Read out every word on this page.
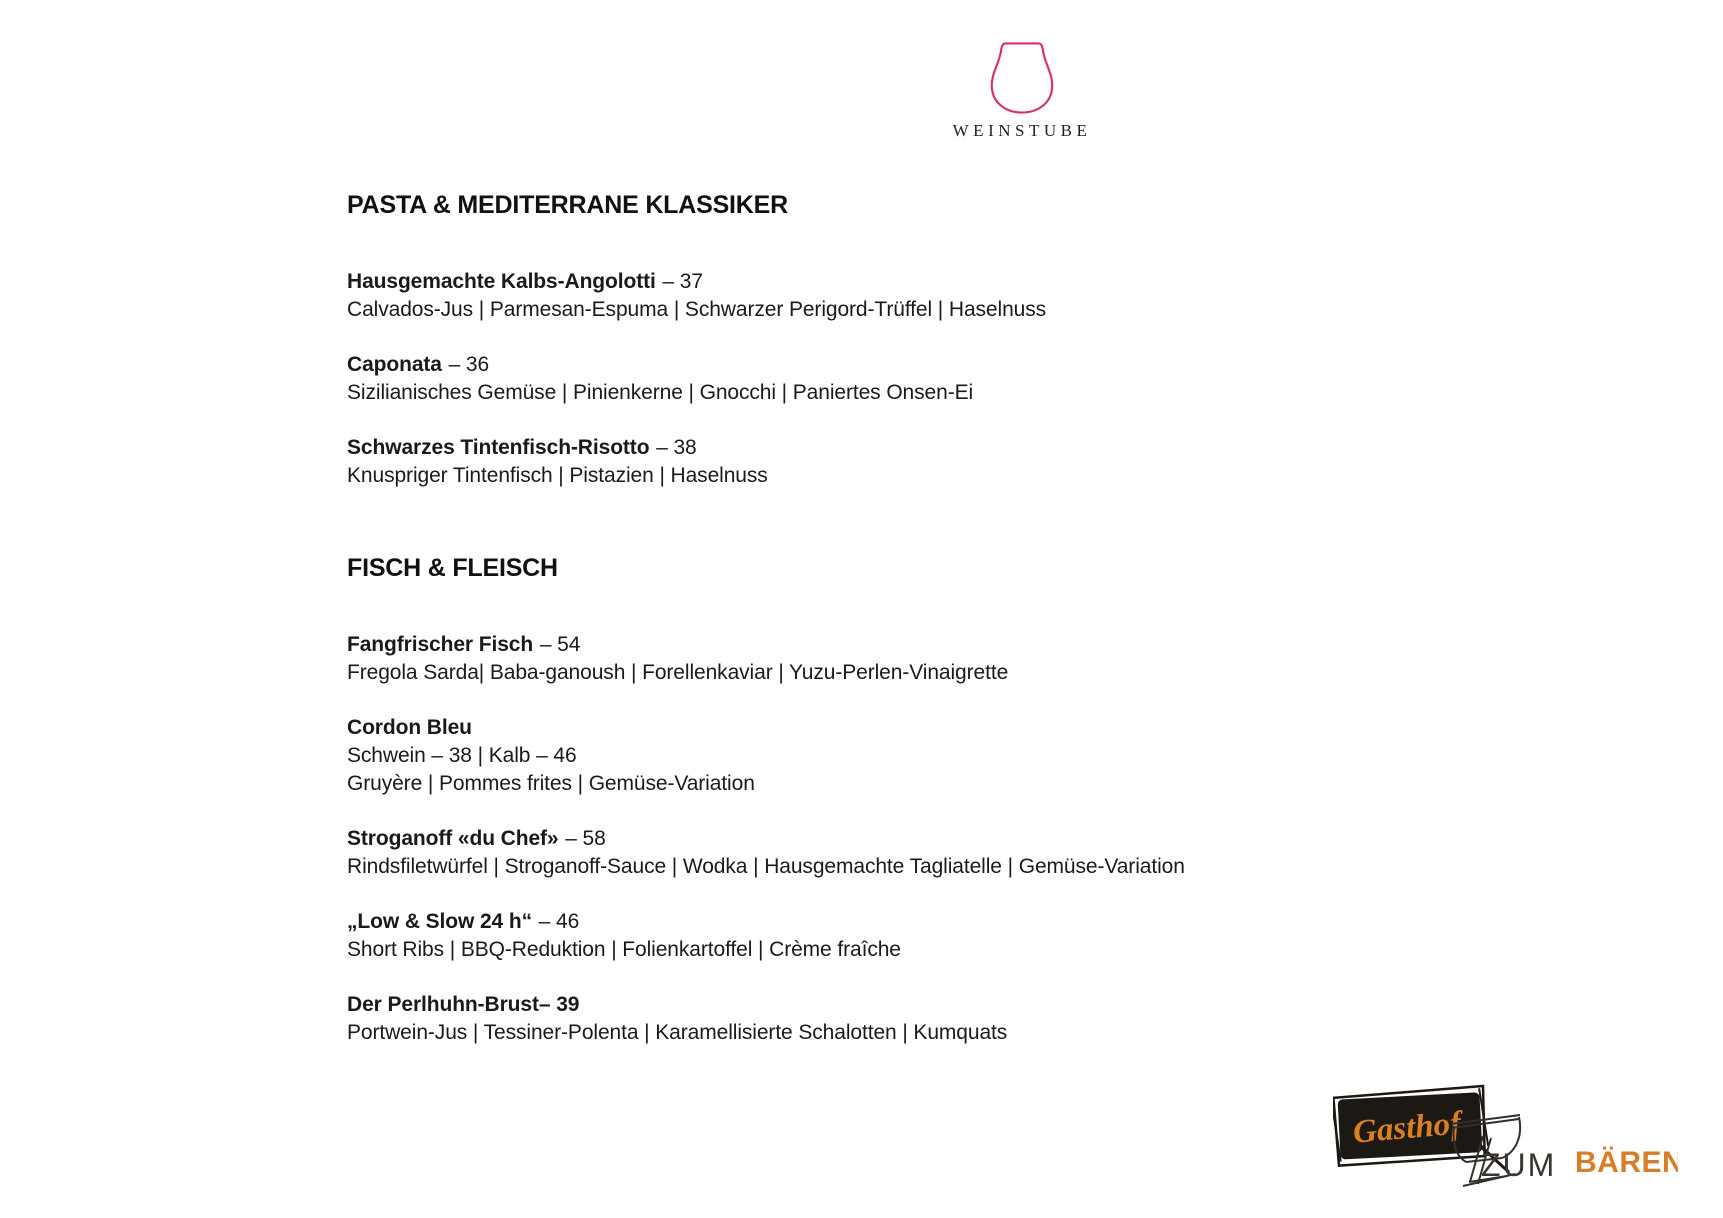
WEINSTUBE
PASTA & MEDITERRANE KLASSIKER

Hausgemachte Kalbs-Angolotti – 37

Calvados-Jus | Parmesan-Espuma | Schwarzer Perigord-Trüffel | Haselnuss

Caponata – 36

Sizilianisches Gemüse | Pinienkerne | Gnocchi | Paniertes Onsen-Ei

Schwarzes Tintenfisch-Risotto – 38

Knuspriger Tintenfisch | Pistazien | Haselnuss

FISCH & FLEISCH

Fangfrischer Fisch – 54

Fregola Sarda| Baba-ganoush | Forellenkaviar | Yuzu-Perlen-Vinaigrette

Cordon Bleu

Schwein – 38 | Kalb – 46

Gruyère | Pommes frites | Gemüse-Variation

Stroganoff «du Chef» – 58

Rindsfiletwürfel | Stroganoff-Sauce | Wodka | Hausgemachte Tagliatelle | Gemüse-Variation

„Low & Slow 24 h“ – 46

Short Ribs | BBQ-Reduktion | Folienkartoffel | Crème fraîche

Der Perlhuhn-Brust– 39

Portwein-Jus | Tessiner-Polenta | Karamellisierte Schalotten | Kumquats

Gasthof
ZUM BÄREN
